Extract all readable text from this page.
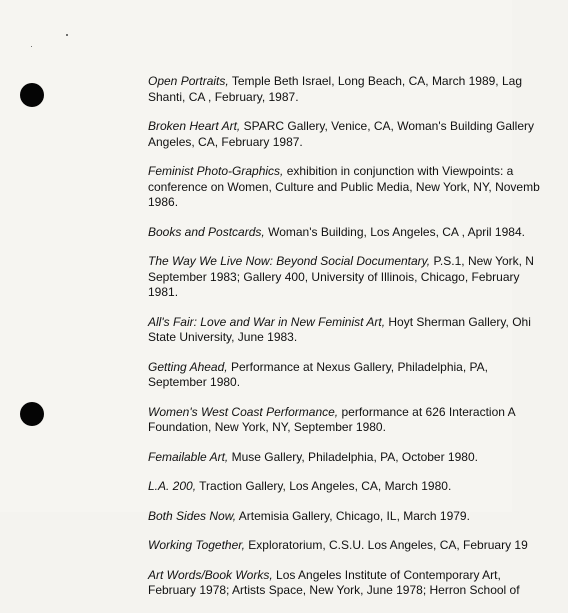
Open Portraits, Temple Beth Israel, Long Beach, CA, March 1989, Lag
Shanti, CA , February, 1987.
Broken Heart Art, SPARC Gallery, Venice, CA, Woman's Building Gallery
Angeles, CA, February 1987.
Feminist Photo-Graphics, exhibition in conjunction with Viewpoints: a
conference on Women, Culture and Public Media, New York, NY, Novemb
1986.
Books and Postcards, Woman's Building, Los Angeles, CA , April 1984.
The Way We Live Now: Beyond Social Documentary, P.S.1, New York, N
September 1983; Gallery 400, University of Illinois, Chicago, February
1981.
All's Fair: Love and War in New Feminist Art, Hoyt Sherman Gallery, Ohi
State University, June 1983.
Getting Ahead, Performance at Nexus Gallery, Philadelphia, PA,
September 1980.
Women's West Coast Performance, performance at 626 Interaction A
Foundation, New York, NY, September 1980.
Femailable Art, Muse Gallery, Philadelphia, PA, October 1980.
L.A. 200, Traction Gallery, Los Angeles, CA, March 1980.
Both Sides Now, Artemisia Gallery, Chicago, IL, March 1979.
Working Together, Exploratorium, C.S.U. Los Angeles, CA, February 19
Art Words/Book Works, Los Angeles Institute of Contemporary Art,
February 1978; Artists Space, New York, June 1978; Herron School of
